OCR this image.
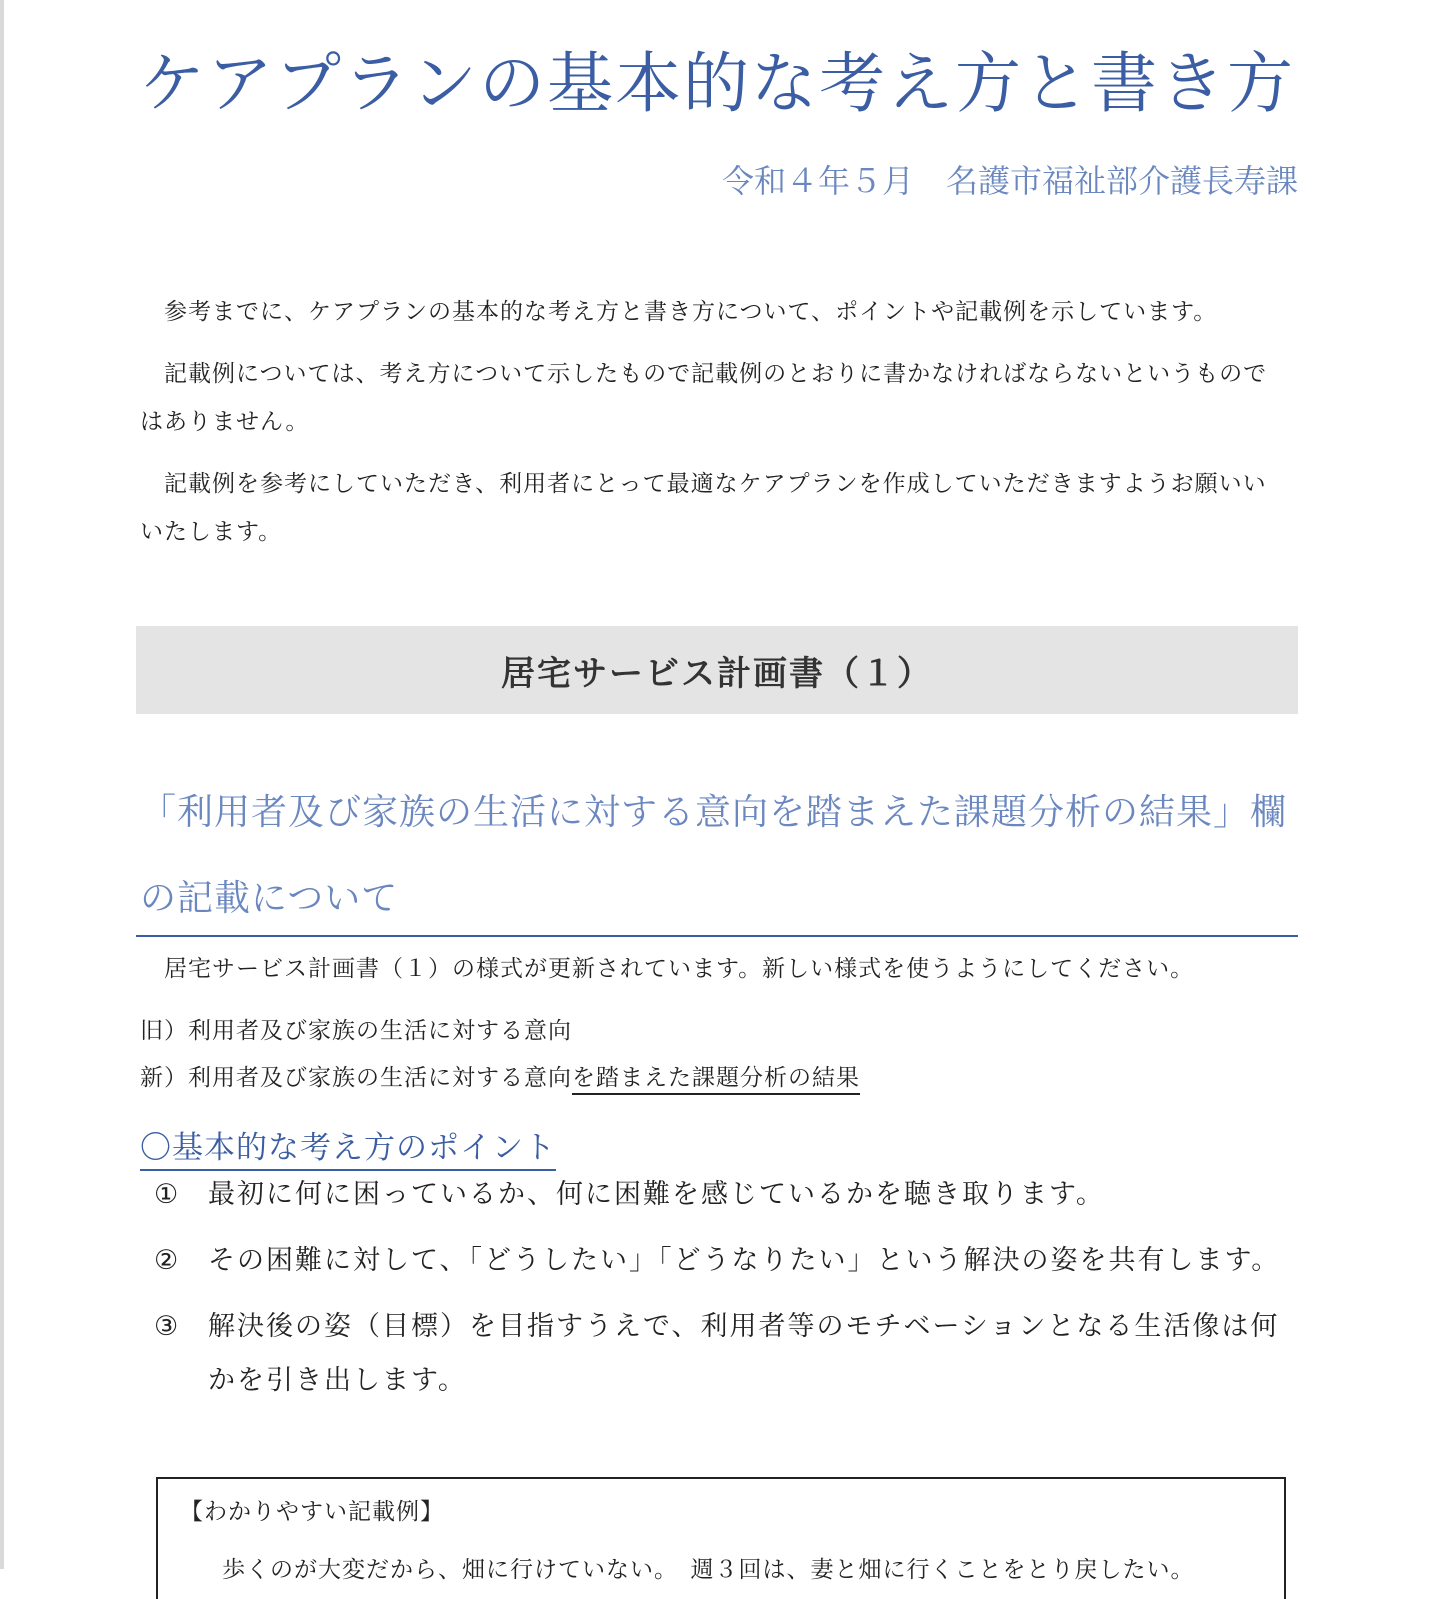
ケアプランの基本的な考え方と書き方
令和４年５月　名護市福祉部介護長寿課

　参考までに、ケアプランの基本的な考え方と書き方について、ポイントや記載例を示しています。

　記載例については、考え方について示したもので記載例のとおりに書かなければならないというものではありません。

　記載例を参考にしていただき、利用者にとって最適なケアプランを作成していただきますようお願いいいたします。

居宅サービス計画書（１）
「利用者及び家族の生活に対する意向を踏まえた課題分析の結果」欄の記載について
　居宅サービス計画書（１）の様式が更新されています。新しい様式を使うようにしてください。
旧）利用者及び家族の生活に対する意向
新）利用者及び家族の生活に対する意向を踏まえた課題分析の結果
〇基本的な考え方のポイント
① 最初に何に困っているか、何に困難を感じているかを聴き取ります。
② その困難に対して、「どうしたい」「どうなりたい」という解決の姿を共有します。
③ 解決後の姿（目標）を目指すうえで、利用者等のモチベーションとなる生活像は何かを引き出します。
【わかりやすい記載例】
　歩くのが大変だから、畑に行けていない。　週３回は、妻と畑に行くことをとり戻したい。
